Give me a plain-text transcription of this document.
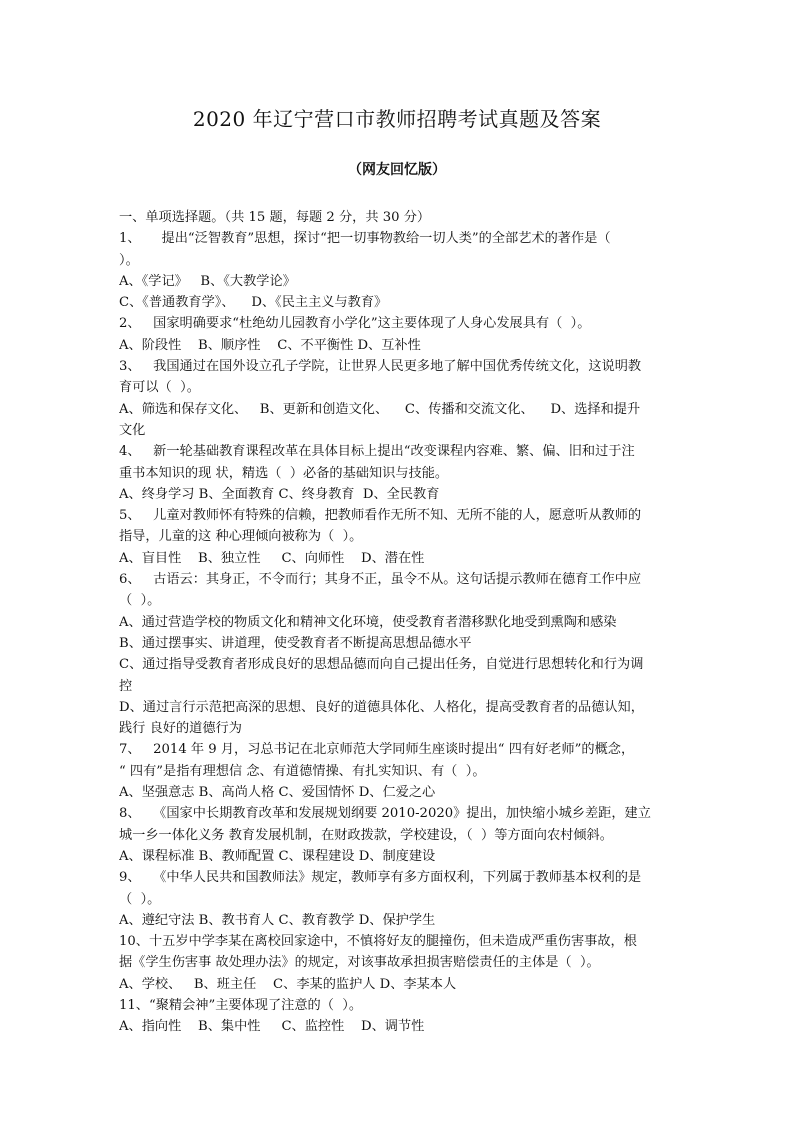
2020 年辽宁营口市教师招聘考试真题及答案
（网友回忆版）
一、单项选择题。（共 15 题，每题 2 分，共 30 分）
1、     提出“泛智教育”思想，探讨“把一切事物教给一切人类”的全部艺术的著作是（
）。
A、《学记》   B、《大教学论》
C、《普通教育学》、    D、《民主主义与教育》
2、   国家明确要求“杜绝幼儿园教育小学化”这主要体现了人身心发展具有（  ）。
A、阶段性    B、顺序性    C、不平衡性 D、互补性
3、   我国通过在国外设立孔子学院，让世界人民更多地了解中国优秀传统文化，这说明教
育可以（  ）。
A、筛选和保存文化、   B、更新和创造文化、    C、传播和交流文化、    D、选择和提升
文化
4、   新一轮基础教育课程改革在具体目标上提出“改变课程内容难、繁、偏、旧和过于注
重书本知识的现 状，精选（  ）必备的基础知识与技能。
A、终身学习 B、全面教育 C、终身教育  D、全民教育
5、   儿童对教师怀有特殊的信赖，把教师看作无所不知、无所不能的人，愿意听从教师的
指导，儿童的这 种心理倾向被称为（  ）。
A、盲目性    B、独立性     C、向师性    D、潜在性
6、   古语云：其身正，不令而行；其身不正，虽令不从。这句话提示教师在德育工作中应
（  ）。
A、通过营造学校的物质文化和精神文化环境，使受教育者潜移默化地受到熏陶和感染
B、通过摆事实、讲道理，使受教育者不断提高思想品德水平
C、通过指导受教育者形成良好的思想品德而向自己提出任务，自觉进行思想转化和行为调
控
D、通过言行示范把高深的思想、良好的道德具体化、人格化，提高受教育者的品德认知，
践行 良好的道德行为
7、   2014 年 9 月，习总书记在北京师范大学同师生座谈时提出“ 四有好老师”的概念，
“ 四有”是指有理想信 念、有道德情操、有扎实知识、有（  ）。
A、坚强意志 B、高尚人格 C、爱国情怀 D、仁爱之心
8、   《国家中长期教育改革和发展规划纲要 2010-2020》提出，加快缩小城乡差距，建立
城一乡一体化义务 教育发展机制，在财政拨款，学校建设，（  ）等方面向农村倾斜。
A、课程标准 B、教师配置 C、课程建设 D、制度建设
9、   《中华人民共和国教师法》规定，教师享有多方面权利，下列属于教师基本权利的是
（  ）。
A、遵纪守法 B、教书育人 C、教育教学 D、保护学生
10、十五岁中学李某在离校回家途中，不慎将好友的腿撞伤，但未造成严重伤害事故，根
据《学生伤害事 故处理办法》的规定，对该事故承担损害赔偿责任的主体是（  ）。
A、学校、   B、班主任    C、李某的监护人 D、李某本人
11、“聚精会神”主要体现了注意的（  ）。
A、指向性    B、集中性     C、监控性    D、调节性
